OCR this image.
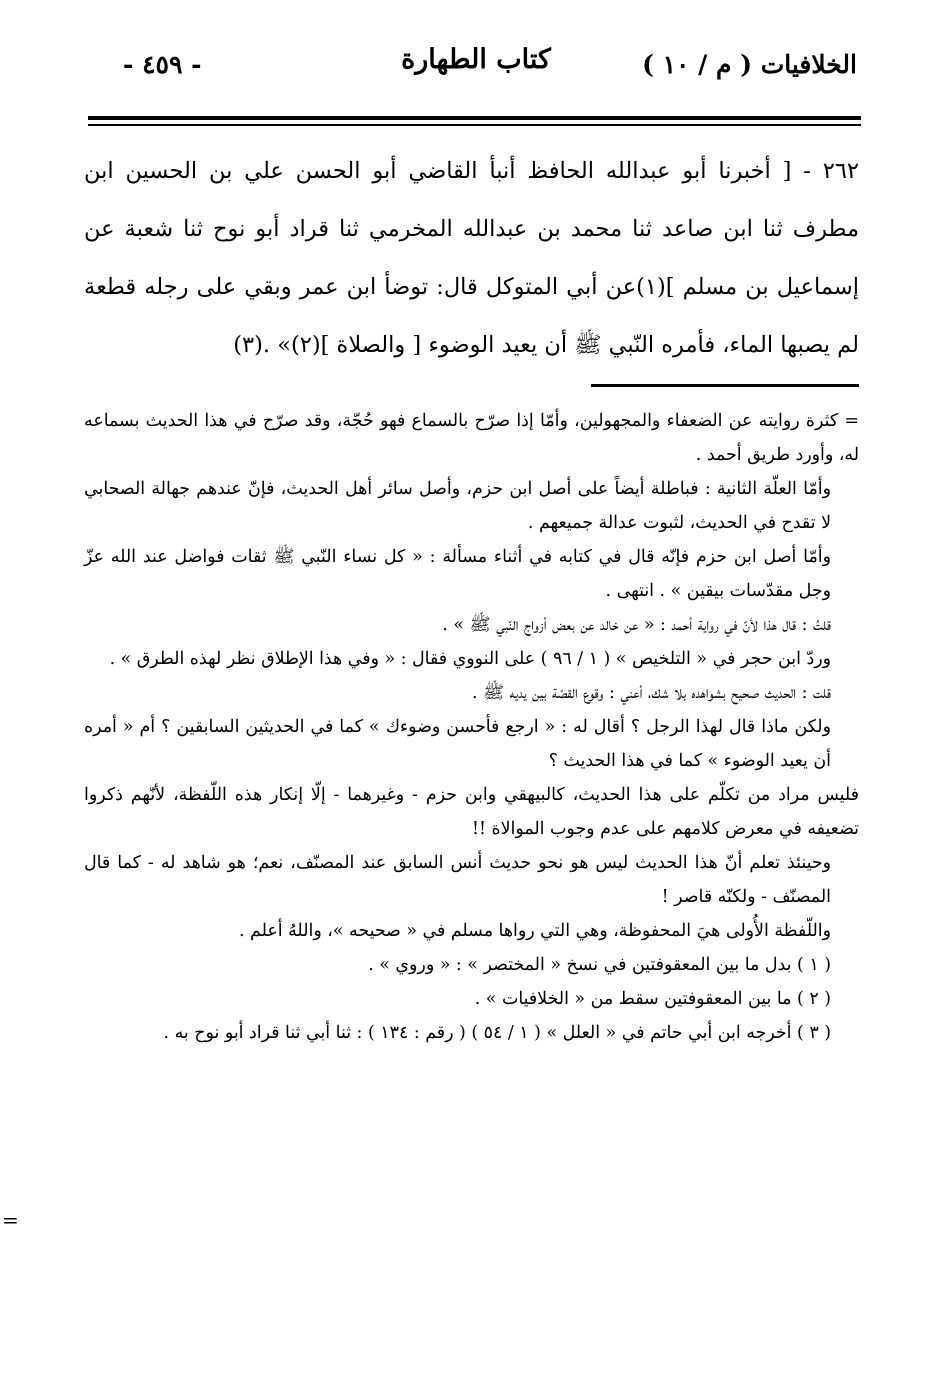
الخلافيات ( م / ١٠ )
كتاب الطهارة
- ٤٥٩ -

٢٦٢ - [ أخبرنا أبو عبدالله الحافظ أنبأ القاضي أبو الحسن علي بن الحسين ابن مطرف ثنا ابن صاعد ثنا محمد بن عبدالله المخرمي ثنا قراد أبو نوح ثنا شعبة عن إسماعيل بن مسلم ](١)عن أبي المتوكل قال: توضأ ابن عمر وبقي على رجله قطعة لم يصبها الماء، فأمره النّبي ﷺ أن يعيد الوضوء [ والصلاة ](٢)» .(٣)

= كثرة روايته عن الضعفاء والمجهولين، وأمّا إذا صرّح بالسماع فهو حُجّة، وقد صرّح في هذا الحديث بسماعه له، وأورد طريق أحمد .

وأمّا العلّة الثانية : فباطلة أيضاً على أصل ابن حزم، وأصل سائر أهل الحديث، فإنّ عندهم جهالة الصحابي لا تقدح في الحديث، لثبوت عدالة جميعهم .

وأمّا أصل ابن حزم فإنّه قال في كتابه في أثناء مسألة : « كل نساء النّبي ﷺ ثقات فواضل عند الله عزّ وجل مقدّسات بيقين » . انتهى .

قلتُ : قال هذا لأنّ في رواية أحمد : « عن خالد عن بعض أزواج النّبي ﷺ » .

وردّ ابن حجر في « التلخيص » ( ١ / ٩٦ ) على النووي فقال : « وفي هذا الإطلاق نظر لهذه الطرق » .

قلت : الحديث صحيح بشواهده بلا شك، أعني : وقوع القصّة بين يديه ﷺ .

ولكن ماذا قال لهذا الرجل ؟ أقال له : « ارجع فأحسن وضوءك » كما في الحديثين السابقين ؟ أم « أمره أن يعيد الوضوء » كما في هذا الحديث ؟

فليس مراد من تكلّم على هذا الحديث، كالبيهقي وابن حزم - وغيرهما - إلّا إنكار هذه اللّفظة، لأنّهم ذكروا تضعيفه في معرض كلامهم على عدم وجوب الموالاة !!

وحينئذ تعلم أنّ هذا الحديث ليس هو نحو حديث أنس السابق عند المصنّف، نعم؛ هو شاهد له - كما قال المصنّف - ولكنّه قاصر !

واللّفظة الأُولى هيَ المحفوظة، وهي التي رواها مسلم في « صحيحه »، واللهُ أعلم .

( ١ ) بدل ما بين المعقوفتين في نسخ « المختصر » : « وروي » .

( ٢ ) ما بين المعقوفتين سقط من « الخلافيات » .

( ٣ ) أخرجه ابن أبي حاتم في « العلل » ( ١ / ٥٤ ) ( رقم : ١٣٤ ) : ثنا أبي ثنا قراد أبو نوح به .

=
